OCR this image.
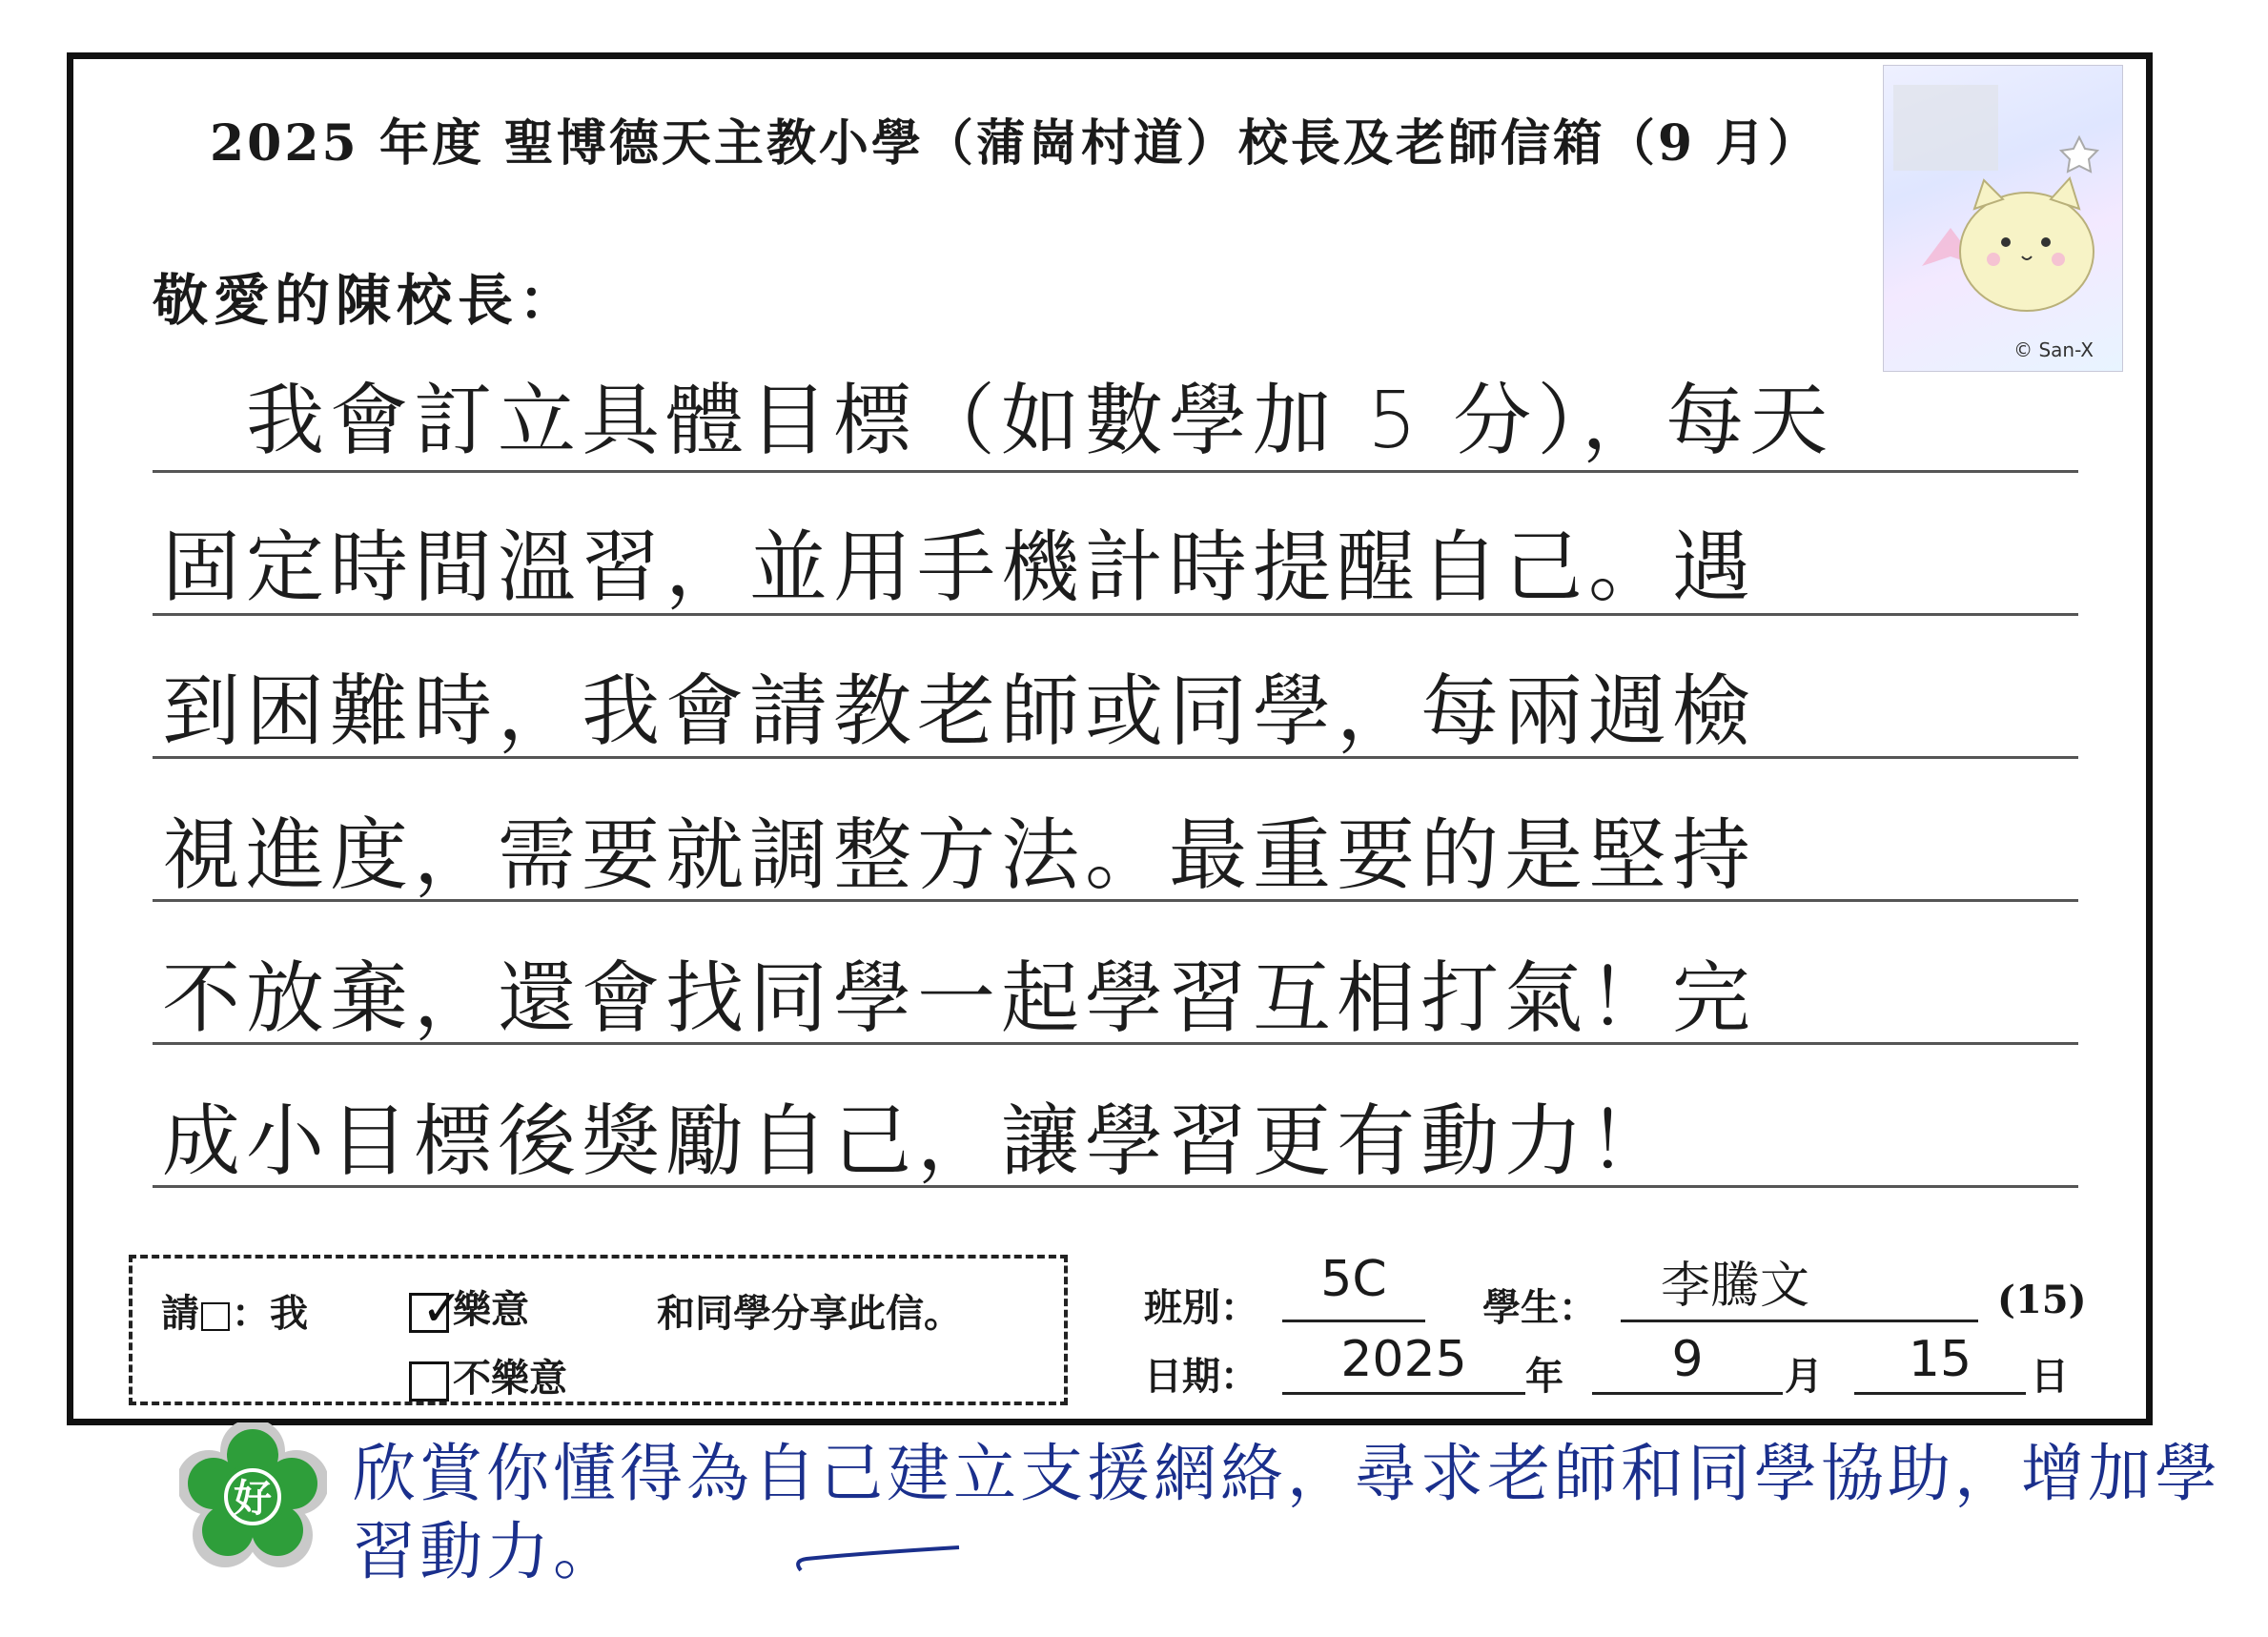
2025 年度 聖博德天主教小學（蒲崗村道）校長及老師信箱（9 月）
© San-X
敬愛的陳校長：
　我會訂立具體目標（如數學加 5 分），每天
固定時間溫習，並用手機計時提醒自己。遇
到困難時，我會請教老師或同學，每兩週檢
視進度，需要就調整方法。最重要的是堅持
不放棄，還會找同學一起學習互相打氣！完
成小目標後獎勵自己，讓學習更有動力！
請 ：我 ✓
樂意	和同學分享此信。
不樂意
班別：	5C	學生：	李騰文	(15)
日期：	2025	年	9	月	15	日
好 欣賞你懂得為自己建立支援網絡，尋求老師和同學協助，增加學習動力。
